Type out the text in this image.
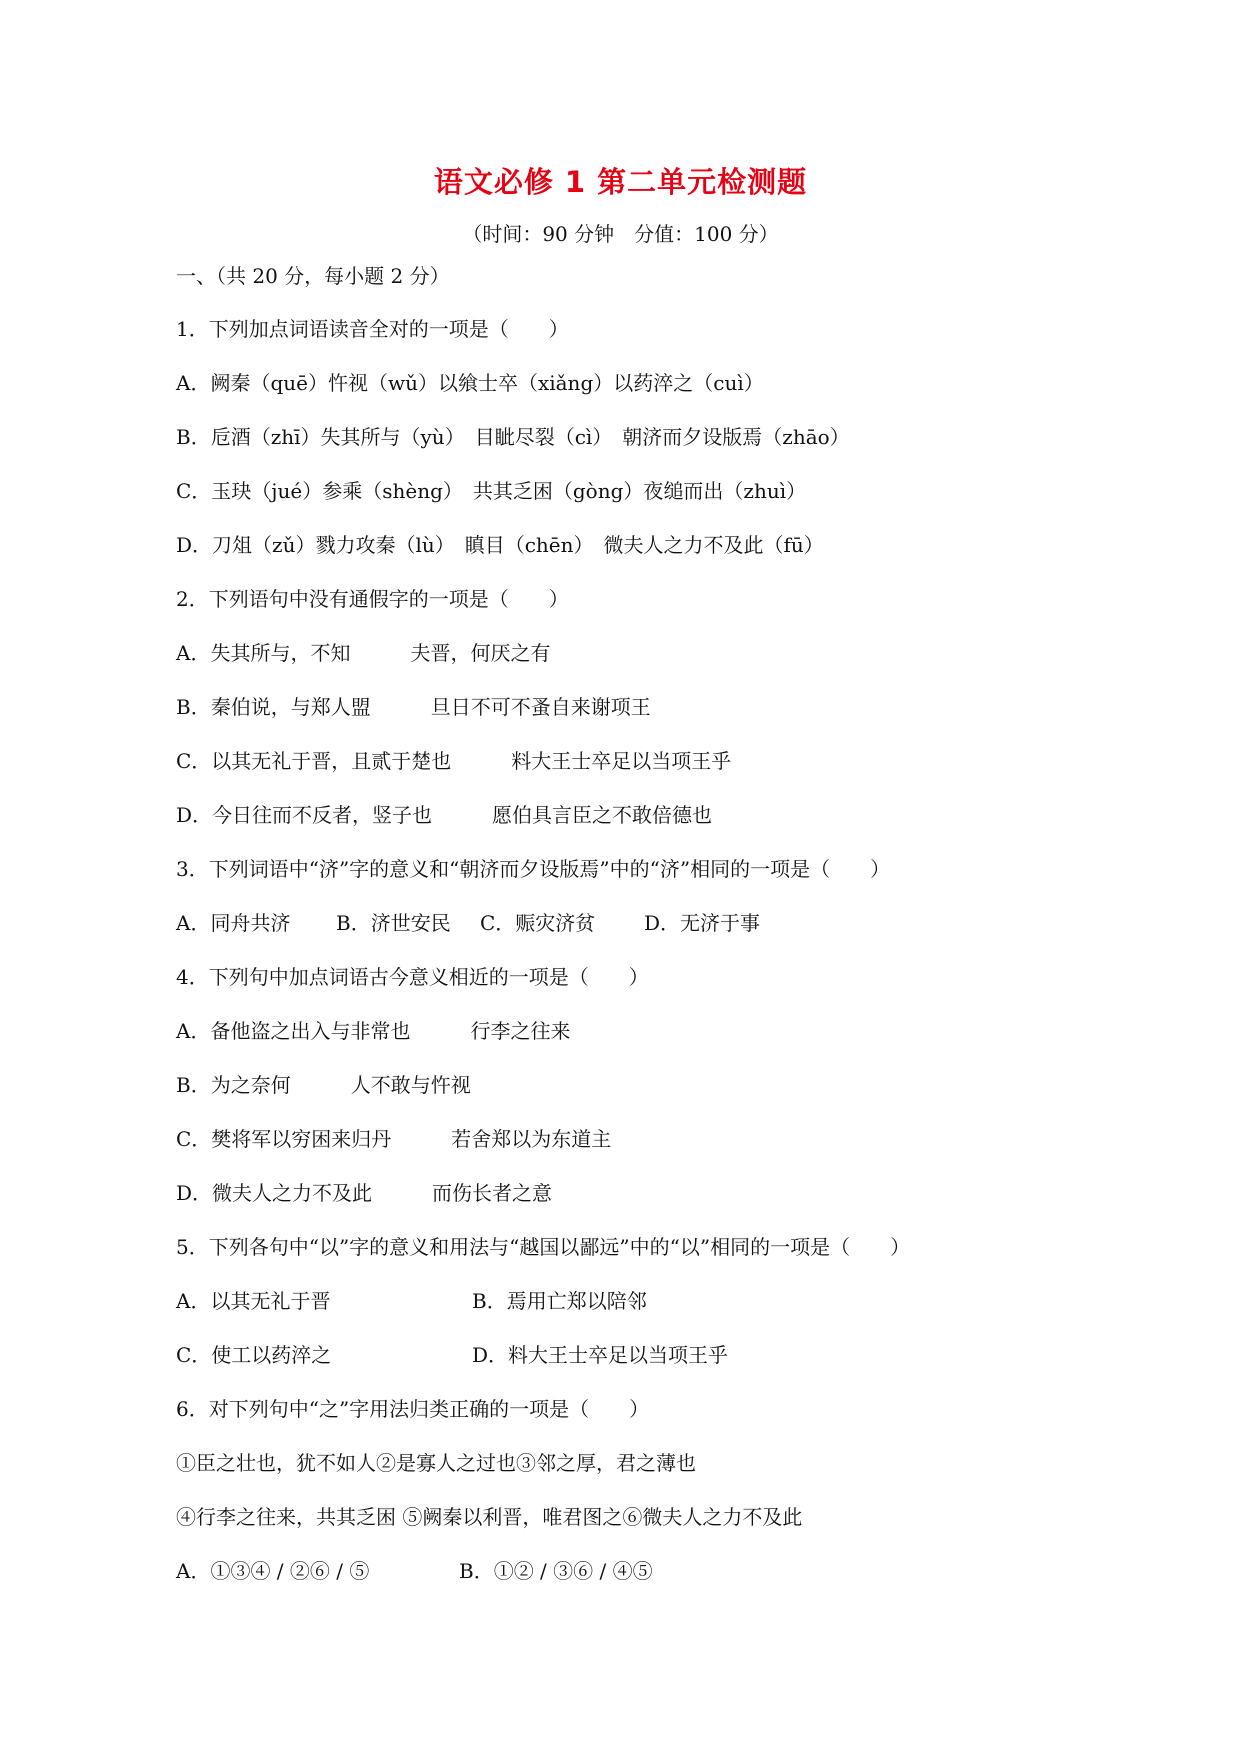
语文必修 1 第二单元检测题
（时间：90 分钟　分值：100 分）
一、（共 20 分，每小题 2 分）
1．下列加点词语读音全对的一项是（　　）
A．阙秦（quē）忤视（wǔ）以飨士卒（xiǎng）以药淬之（cuì）
B．卮酒（zhī）失其所与（yù）　目眦尽裂（cì）　朝济而夕设版焉（zhāo）
C．玉玦（jué）参乘（shèng）　共其乏困（gòng）夜缒而出（zhuì）
D．刀俎（zǔ）戮力攻秦（lù）　瞋目（chēn）　微夫人之力不及此（fū）
2．下列语句中没有通假字的一项是（　　）
A．失其所与，不知　　　夫晋，何厌之有
B．秦伯说，与郑人盟　　　旦日不可不蚤自来谢项王
C．以其无礼于晋，且贰于楚也　　　料大王士卒足以当项王乎
D．今日往而不反者，竖子也　　　愿伯具言臣之不敢倍德也
3．下列词语中“济”字的意义和“朝济而夕设版焉”中的“济”相同的一项是（　　）

A．同舟共济

B．济世安民

C．赈灾济贫

D．无济于事

4．下列句中加点词语古今意义相近的一项是（　　）
A．备他盗之出入与非常也　　　行李之往来
B．为之奈何　　　人不敢与忤视
C．樊将军以穷困来归丹　　　若舍郑以为东道主
D．微夫人之力不及此　　　而伤长者之意
5．下列各句中“以”字的意义和用法与“越国以鄙远”中的“以”相同的一项是（　　）

A．以其无礼于晋

	B．焉用亡郑以陪邻

C．使工以药淬之

	D．料大王士卒足以当项王乎

6．对下列句中“之”字用法归类正确的一项是（　　）
①臣之壮也，犹不如人②是寡人之过也③邻之厚，君之薄也
④行李之往来，共其乏困 ⑤阙秦以利晋，唯君图之⑥微夫人之力不及此

A．①③④ / ②⑥ / ⑤

	B．①② / ③⑥ / ④⑤
